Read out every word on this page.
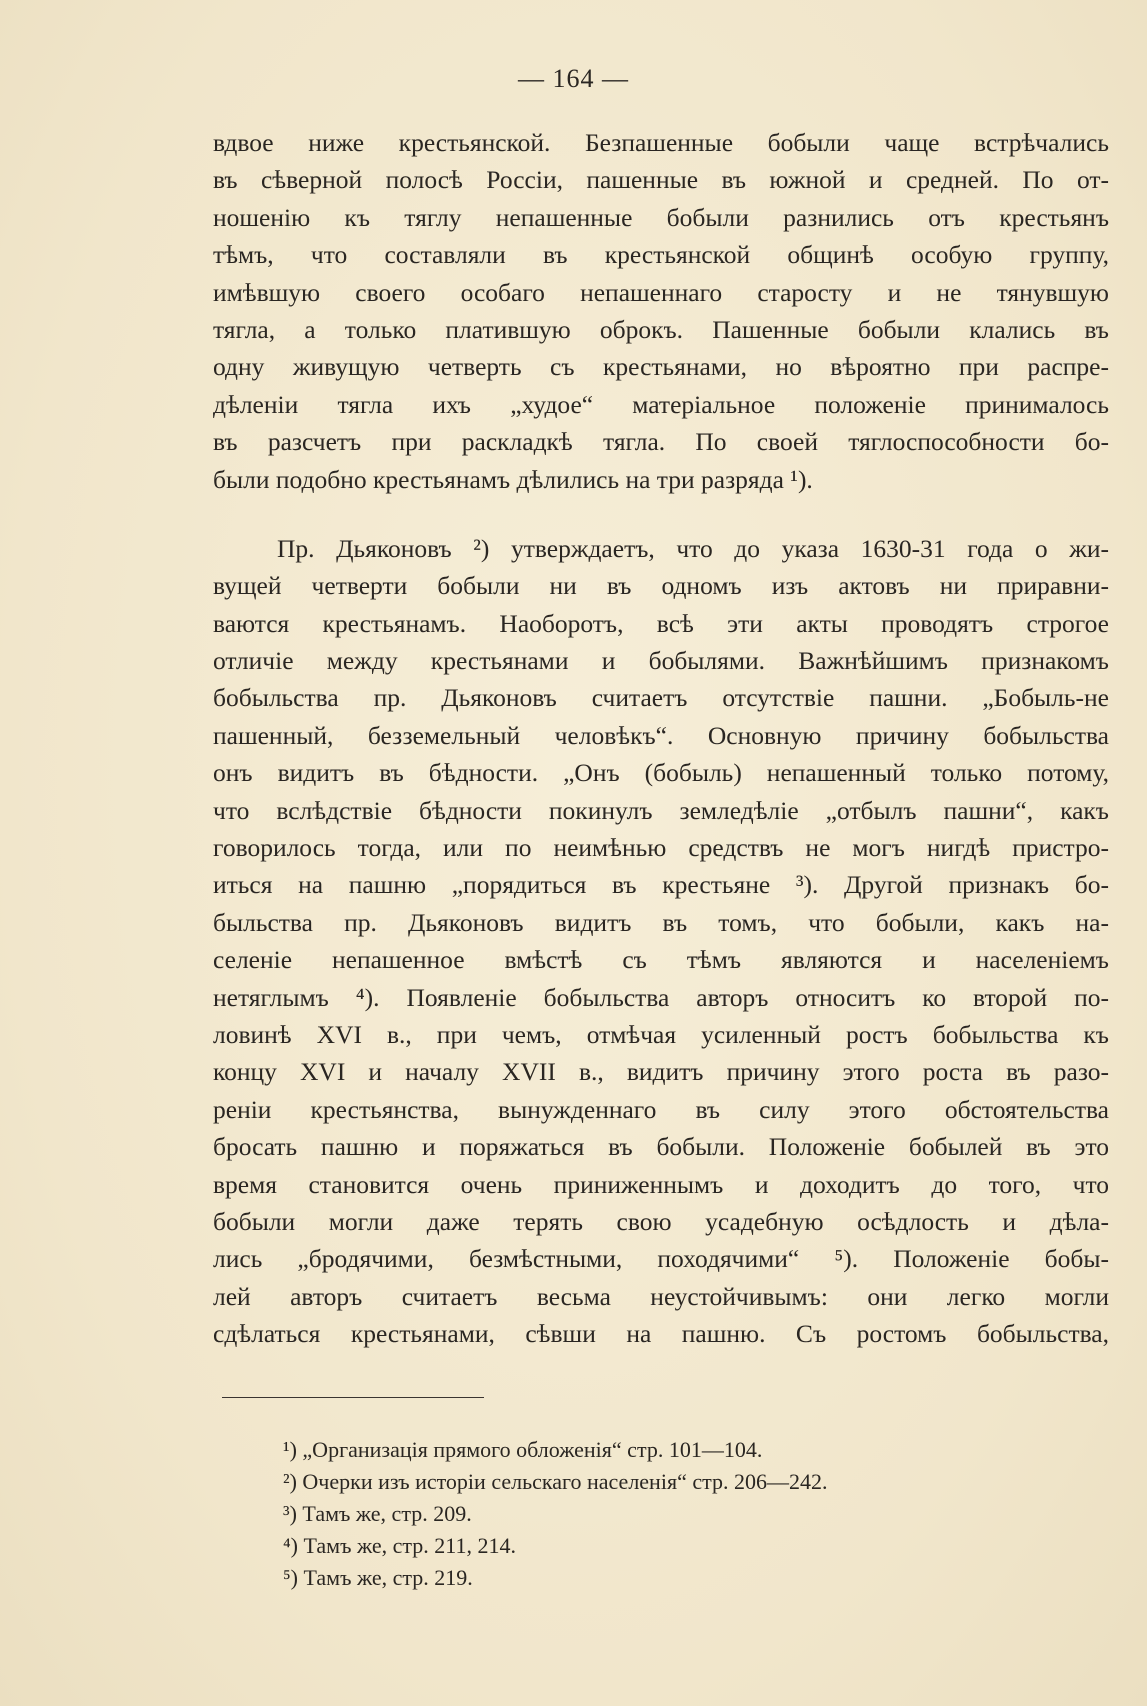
— 164 —
вдвое ниже крестьянской. Безпашенные бобыли чаще встрѣчались
въ сѣверной полосѣ Россіи, пашенные въ южной и средней. По от-
ношенію къ тяглу непашенные бобыли разнились отъ крестьянъ
тѣмъ, что составляли въ крестьянской общинѣ особую группу,
имѣвшую своего особаго непашеннаго старосту и не тянувшую
тягла, а только платившую оброкъ. Пашенные бобыли клались въ
одну живущую четверть съ крестьянами, но вѣроятно при распре-
дѣленіи тягла ихъ „худое“ матеріальное положеніе принималось
въ разсчетъ при раскладкѣ тягла. По своей тяглоспособности бо-
были подобно крестьянамъ дѣлились на три разряда ¹).
Пр. Дьяконовъ ²) утверждаетъ, что до указа 1630-31 года о жи-
вущей четверти бобыли ни въ одномъ изъ актовъ ни приравни-
ваются крестьянамъ. Наоборотъ, всѣ эти акты проводятъ строгое
отличіе между крестьянами и бобылями. Важнѣйшимъ признакомъ
бобыльства пр. Дьяконовъ считаетъ отсутствіе пашни. „Бобыль-не
пашенный, безземельный человѣкъ“. Основную причину бобыльства
онъ видитъ въ бѣдности. „Онъ (бобыль) непашенный только потому,
что вслѣдствіе бѣдности покинулъ земледѣліе „отбылъ пашни“, какъ
говорилось тогда, или по неимѣнью средствъ не могъ нигдѣ пристро-
иться на пашню „порядиться въ крестьяне ³). Другой признакъ бо-
быльства пр. Дьяконовъ видитъ въ томъ, что бобыли, какъ на-
селеніе непашенное вмѣстѣ съ тѣмъ являются и населеніемъ
нетяглымъ ⁴). Появленіе бобыльства авторъ относитъ ко второй по-
ловинѣ XVI в., при чемъ, отмѣчая усиленный ростъ бобыльства къ
концу XVI и началу XVII в., видитъ причину этого роста въ разо-
реніи крестьянства, вынужденнаго въ силу этого обстоятельства
бросать пашню и поряжаться въ бобыли. Положеніе бобылей въ это
время становится очень приниженнымъ и доходитъ до того, что
бобыли могли даже терять свою усадебную осѣдлость и дѣла-
лись „бродячими, безмѣстными, походячими“ ⁵). Положеніе бобы-
лей авторъ считаетъ весьма неустойчивымъ: они легко могли
сдѣлаться крестьянами, сѣвши на пашню. Съ ростомъ бобыльства,
¹) „Организація прямого обложенія“ стр. 101—104.
²) Очерки изъ исторіи сельскаго населенія“ стр. 206—242.
³) Тамъ же, стр. 209.
⁴) Тамъ же, стр. 211, 214.
⁵) Тамъ же, стр. 219.
